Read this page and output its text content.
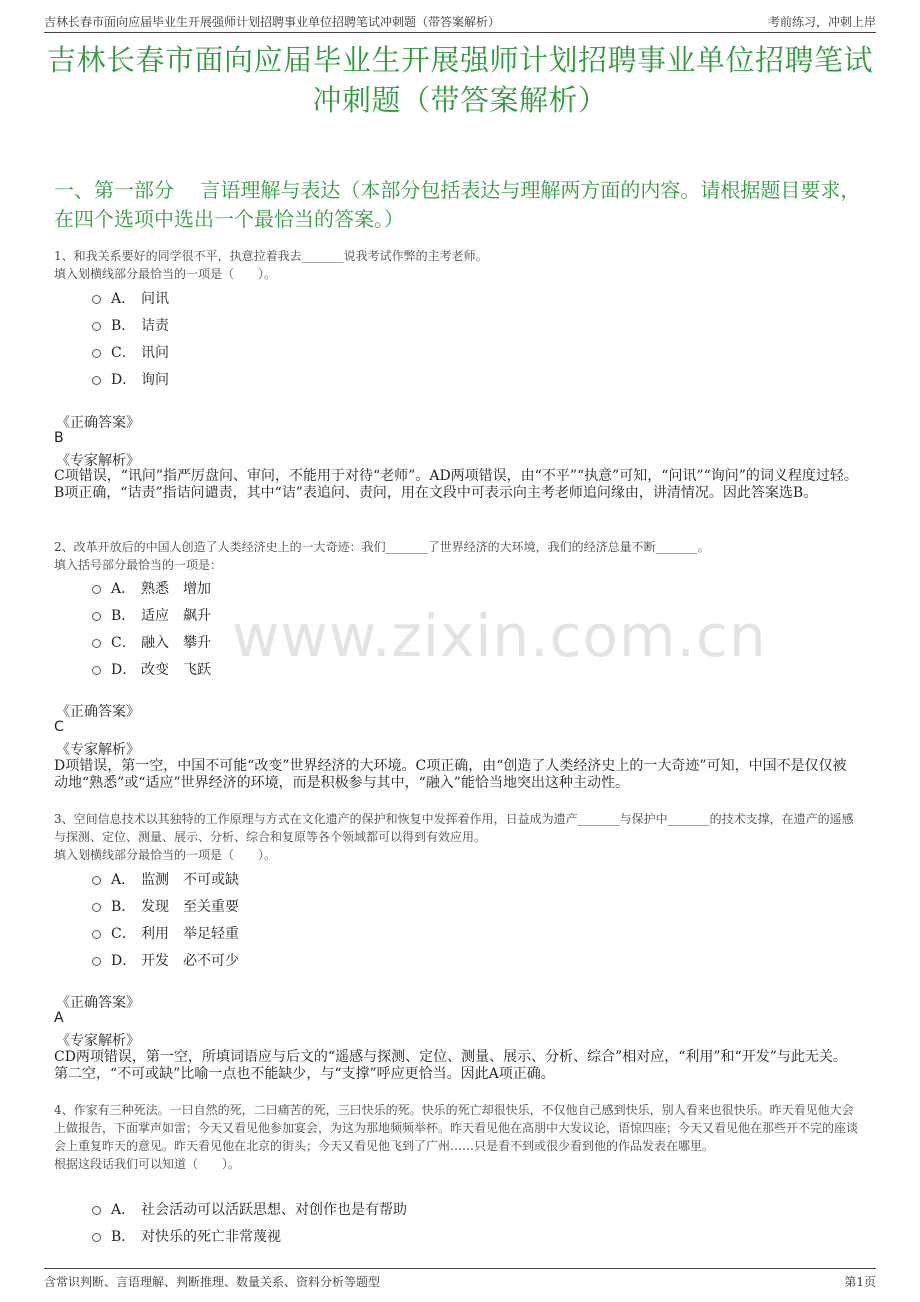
吉林长春市面向应届毕业生开展强师计划招聘事业单位招聘笔试冲刺题（带答案解析）	考前练习，冲刺上岸
吉林长春市面向应届毕业生开展强师计划招聘事业单位招聘笔试冲刺题（带答案解析）
一、第一部分　 言语理解与表达（本部分包括表达与理解两方面的内容。请根据题目要求，在四个选项中选出一个最恰当的答案。）
www.zixin.com.cn
1、和我关系要好的同学很不平，执意拉着我去_______说我考试作弊的主考老师。
填入划横线部分最恰当的一项是（　　）。
A． 问讯
B． 诘责
C． 讯问
D． 询问
《正确答案》
B
《专家解析》
C项错误，“讯问”指严厉盘问、审问，不能用于对待“老师”。AD两项错误，由“不平”“执意”可知，“问讯”“询问”的词义程度过轻。B项正确，“诘责”指诘问谴责，其中“诘”表追问、责问，用在文段中可表示向主考老师追问缘由，讲清情况。因此答案选B。
2、改革开放后的中国人创造了人类经济史上的一大奇迹：我们_______了世界经济的大环境，我们的经济总量不断_______。
填入括号部分最恰当的一项是：
A． 熟悉　增加
B． 适应　飙升
C． 融入　攀升
D． 改变　飞跃
《正确答案》
C
《专家解析》
D项错误，第一空，中国不可能“改变”世界经济的大环境。C项正确，由“创造了人类经济史上的一大奇迹”可知，中国不是仅仅被动地“熟悉”或“适应”世界经济的环境，而是积极参与其中，“融入”能恰当地突出这种主动性。
3、空间信息技术以其独特的工作原理与方式在文化遗产的保护和恢复中发挥着作用，日益成为遗产_______与保护中_______的技术支撑，在遗产的遥感与探测、定位、测量、展示、分析、综合和复原等各个领域都可以得到有效应用。
填入划横线部分最恰当的一项是（　　）。
A． 监测　不可或缺
B． 发现　至关重要
C． 利用　举足轻重
D． 开发　必不可少
《正确答案》
A
《专家解析》
CD两项错误，第一空，所填词语应与后文的“遥感与探测、定位、测量、展示、分析、综合”相对应，“利用”和“开发”与此无关。第二空，“不可或缺”比喻一点也不能缺少，与“支撑”呼应更恰当。因此A项正确。
4、作家有三种死法。一曰自然的死，二曰痛苦的死，三曰快乐的死。快乐的死亡却很快乐，不仅他自己感到快乐，别人看来也很快乐。昨天看见他大会上做报告，下面掌声如雷；今天又看见他参加宴会，为这为那地频频举杯。昨天看见他在高朋中大发议论，语惊四座；今天又看见他在那些开不完的座谈会上重复昨天的意见。昨天看见他在北京的街头；今天又看见他飞到了广州……只是看不到或很少看到他的作品发表在哪里。
根据这段话我们可以知道（　　）。
A． 社会活动可以活跃思想、对创作也是有帮助
B． 对快乐的死亡非常蔑视
含常识判断、言语理解、判断推理、数量关系、资料分析等题型	第1页
